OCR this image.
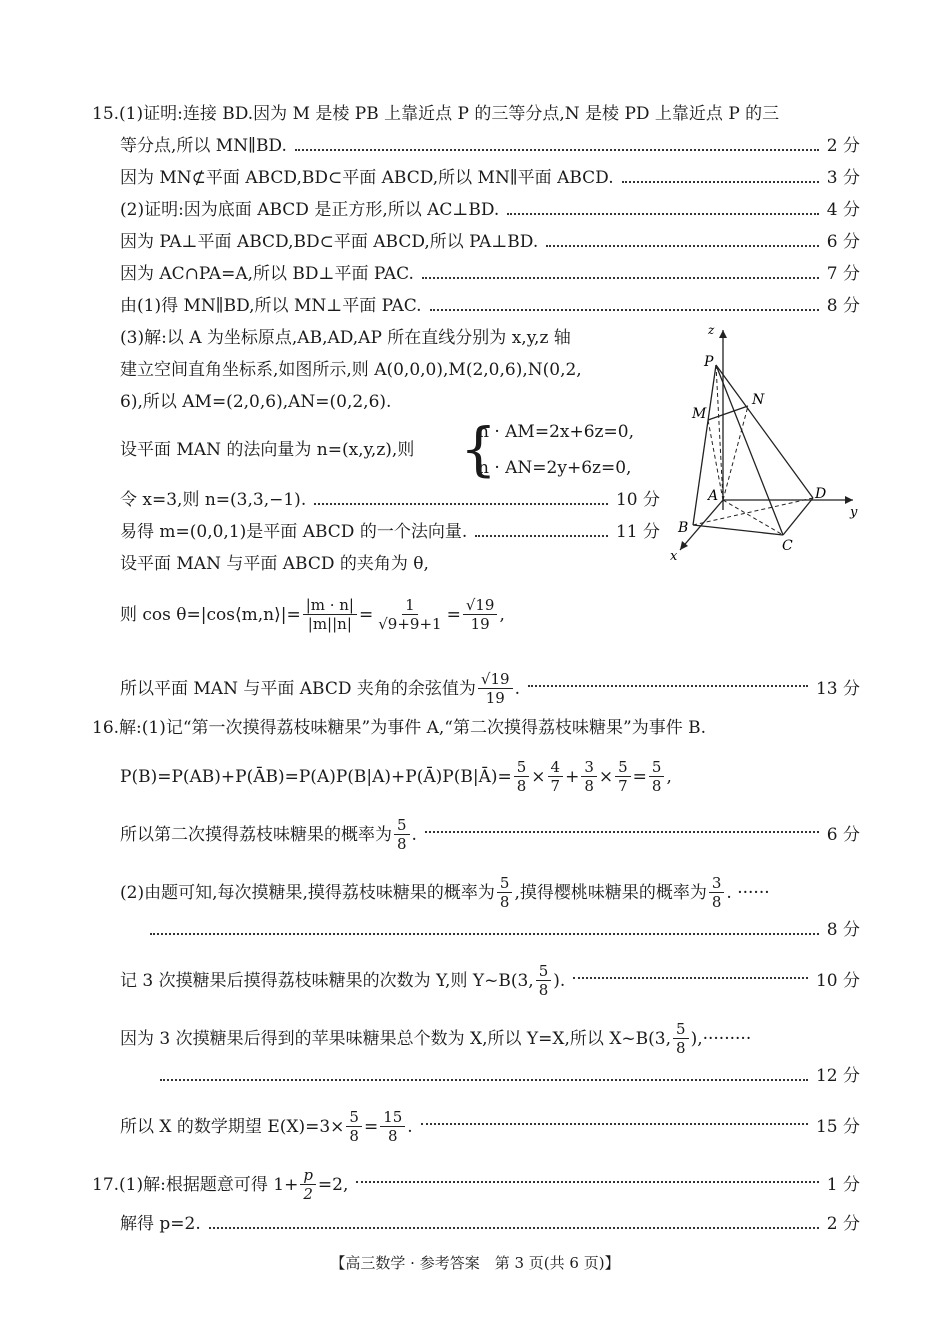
15.(1)证明:连接 BD.因为 M 是棱 PB 上靠近点 P 的三等分点,N 是棱 PD 上靠近点 P 的三
等分点,所以 MN∥BD.	2 分
因为 MN⊄平面 ABCD,BD⊂平面 ABCD,所以 MN∥平面 ABCD.	3 分
(2)证明:因为底面 ABCD 是正方形,所以 AC⊥BD.	4 分
因为 PA⊥平面 ABCD,BD⊂平面 ABCD,所以 PA⊥BD.	6 分
因为 AC∩PA=A,所以 BD⊥平面 PAC.	7 分
由(1)得 MN∥BD,所以 MN⊥平面 PAC.	8 分
(3)解:以 A 为坐标原点,AB,AD,AP 所在直线分别为 x,y,z 轴
建立空间直角坐标系,如图所示,则 A(0,0,0),M(2,0,6),N(0,2,
6),所以 AM=(2,0,6),AN=(0,2,6).
设平面 MAN 的法向量为 n=(x,y,z),则 {
n · AM=2x+6z=0,
n · AN=2y+6z=0,
令 x=3,则 n=(3,3,−1).	10 分
易得 m=(0,0,1)是平面 ABCD 的一个法向量.	11 分
设平面 MAN 与平面 ABCD 的夹角为 θ,
则 cos θ=|cos⟨m,n⟩|= $\frac{|m \cdot n|}{|m||n|} = \frac{1}{√9+9+1} = \frac{√19}{19}$ ,
所以平面 MAN 与平面 ABCD 夹角的余弦值为 $\frac{√19}{19}$ .	13 分
z
P
N
M
A	D
y
B
C
x
16.解:(1)记“第一次摸得荔枝味糖果”为事件 A,“第二次摸得荔枝味糖果”为事件 B.
P(B)=P(AB)+P(ĀB)=P(A)P(B|A)+P(Ā)P(B|Ā)= $\frac{5}{8} \times \frac{4}{7} + \frac{3}{8} \times \frac{5}{7} = \frac{5}{8}$ ,
所以第二次摸得荔枝味糖果的概率为 $\frac{5}{8}$ .	6 分
(2)由题可知,每次摸糖果,摸得荔枝味糖果的概率为 $\frac{5}{8}$ ,摸得樱桃味糖果的概率为 $\frac{3}{8}$ . ······
8 分
记 3 次摸糖果后摸得荔枝味糖果的次数为 Y,则 Y~B(3, $\frac{5}{8}$ ).	10 分
因为 3 次摸糖果后得到的苹果味糖果总个数为 X,所以 Y=X,所以 X~B(3, $\frac{5}{8}$ ),·········
12 分
所以 X 的数学期望 $E(X)=3\times \frac{5}{8} = \frac{15}{8}$ .	15 分
17.(1)解:根据题意可得 $1+ \frac{p}{2} =2$,	1 分
解得 p=2.	2 分
【高三数学 · 参考答案　第 3 页(共 6 页)】
